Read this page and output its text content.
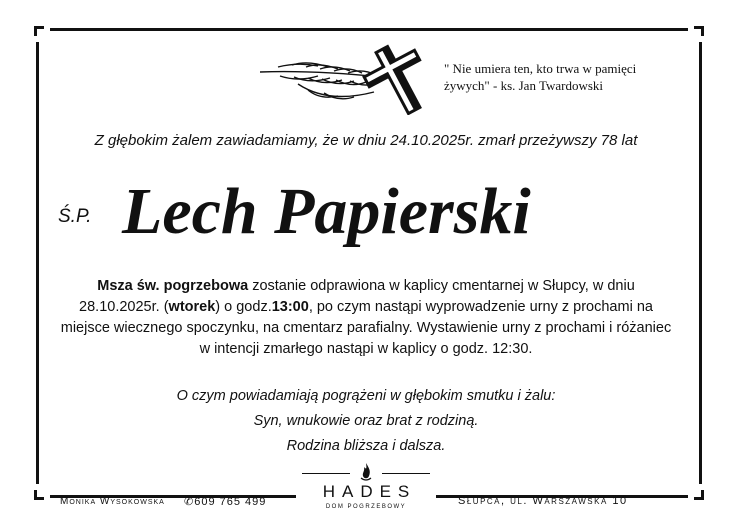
" Nie umiera ten, kto trwa w pamięci
żywych" - ks. Jan Twardowski
Z głębokim żalem zawiadamiamy, że w dniu 24.10.2025r. zmarł przeżywszy 78 lat
Ś.P. Lech Papierski
Msza św. pogrzebowa zostanie odprawiona w kaplicy cmentarnej w Słupcy, w dniu 28.10.2025r. (wtorek) o godz.13:00, po czym nastąpi wyprowadzenie urny z prochami na miejsce wiecznego spoczynku, na cmentarz parafialny. Wystawienie urny z prochami i różaniec w intencji zmarłego nastąpi w kaplicy o godz. 12:30.
O czym powiadamiają pogrążeni w głębokim smutku i żalu:
Syn, wnukowie oraz brat z rodziną.
Rodzina bliższa i dalsza.
Monika Wysokowska ✆609 765 499
HADES
DOM POGRZEBOWY	Słupca, ul. Warszawska 10
